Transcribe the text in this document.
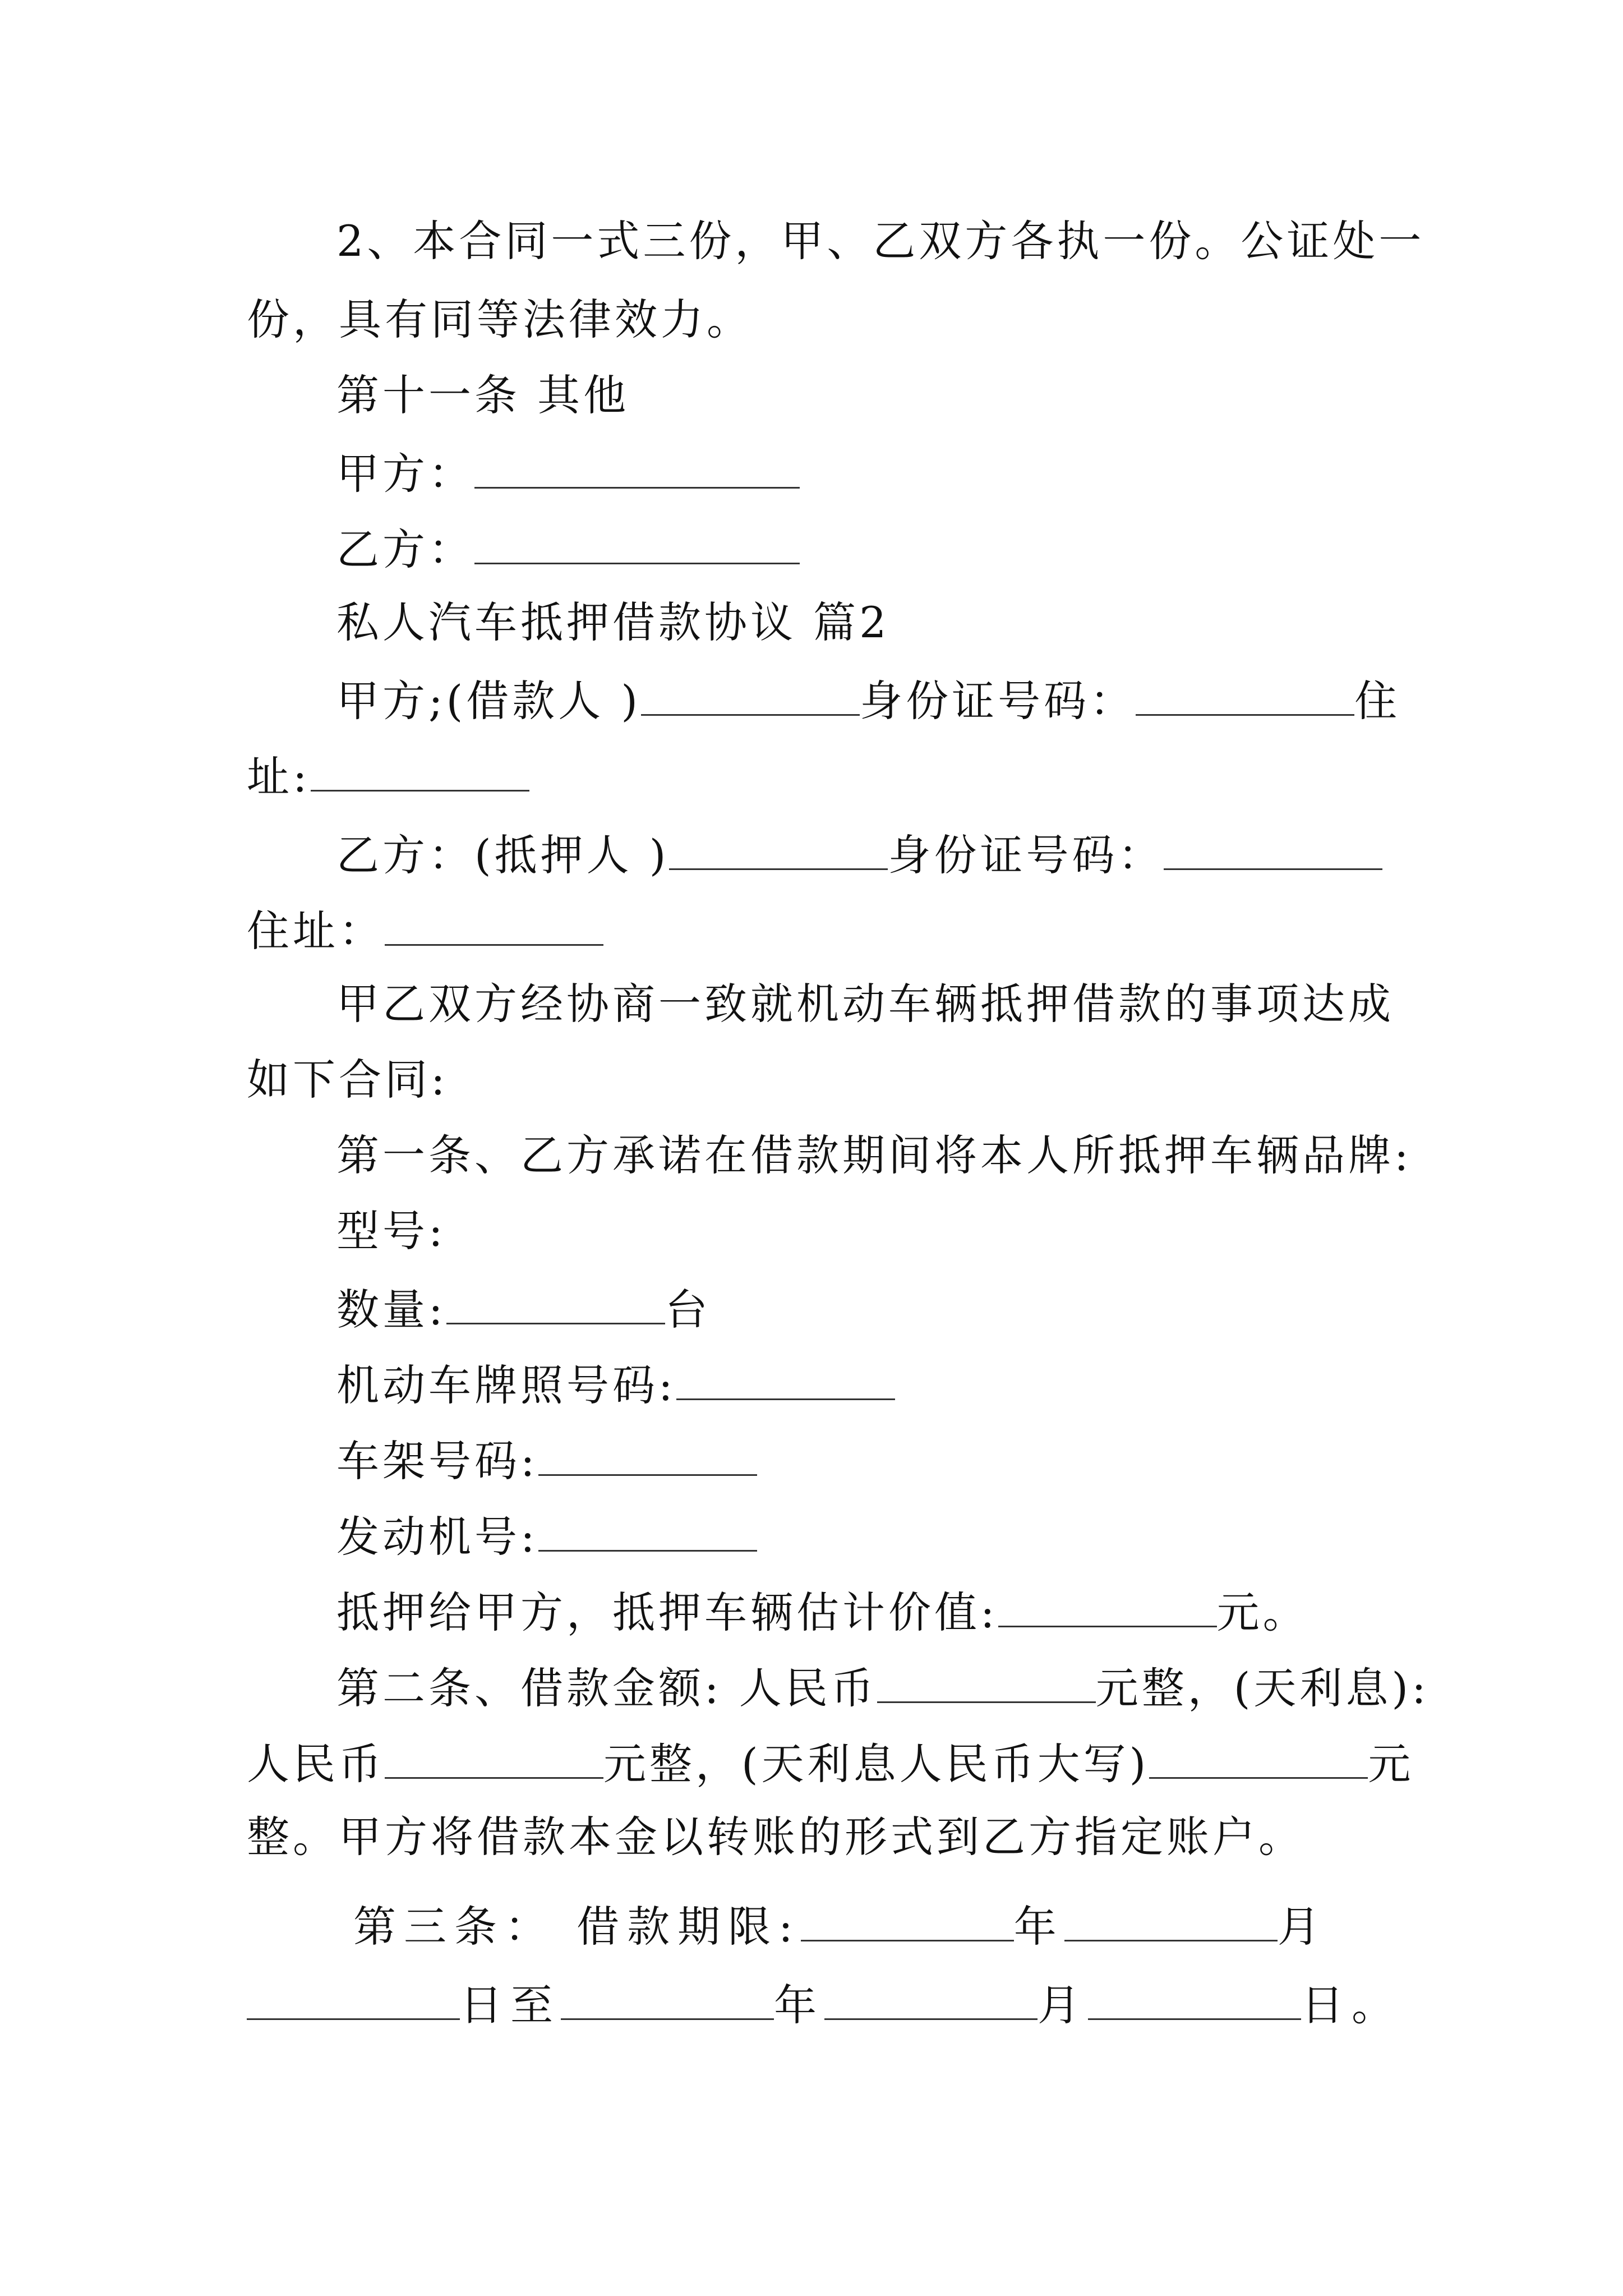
2、本合同一式三份，甲、乙双方各执一份。公证处一
份，具有同等法律效力。
第十一条 其他
甲方：
乙方：
私人汽车抵押借款协议 篇2
甲方;(借款人 )	身份证号码：	住
址:
乙方：(抵押人 )	身份证号码：
住址：
甲乙双方经协商一致就机动车辆抵押借款的事项达成
如下合同:
第一条、乙方承诺在借款期间将本人所抵押车辆品牌:
型号:
数量:	台
机动车牌照号码:
车架号码:
发动机号:
抵押给甲方，抵押车辆估计价值:	元。
第二条、借款金额: 人民币	元整，(天利息):
人民币	元整，(天利息人民币大写)	元
整。甲方将借款本金以转账的形式到乙方指定账户。
第三条： 借款期限:	年	月
日至	年	月	日。
